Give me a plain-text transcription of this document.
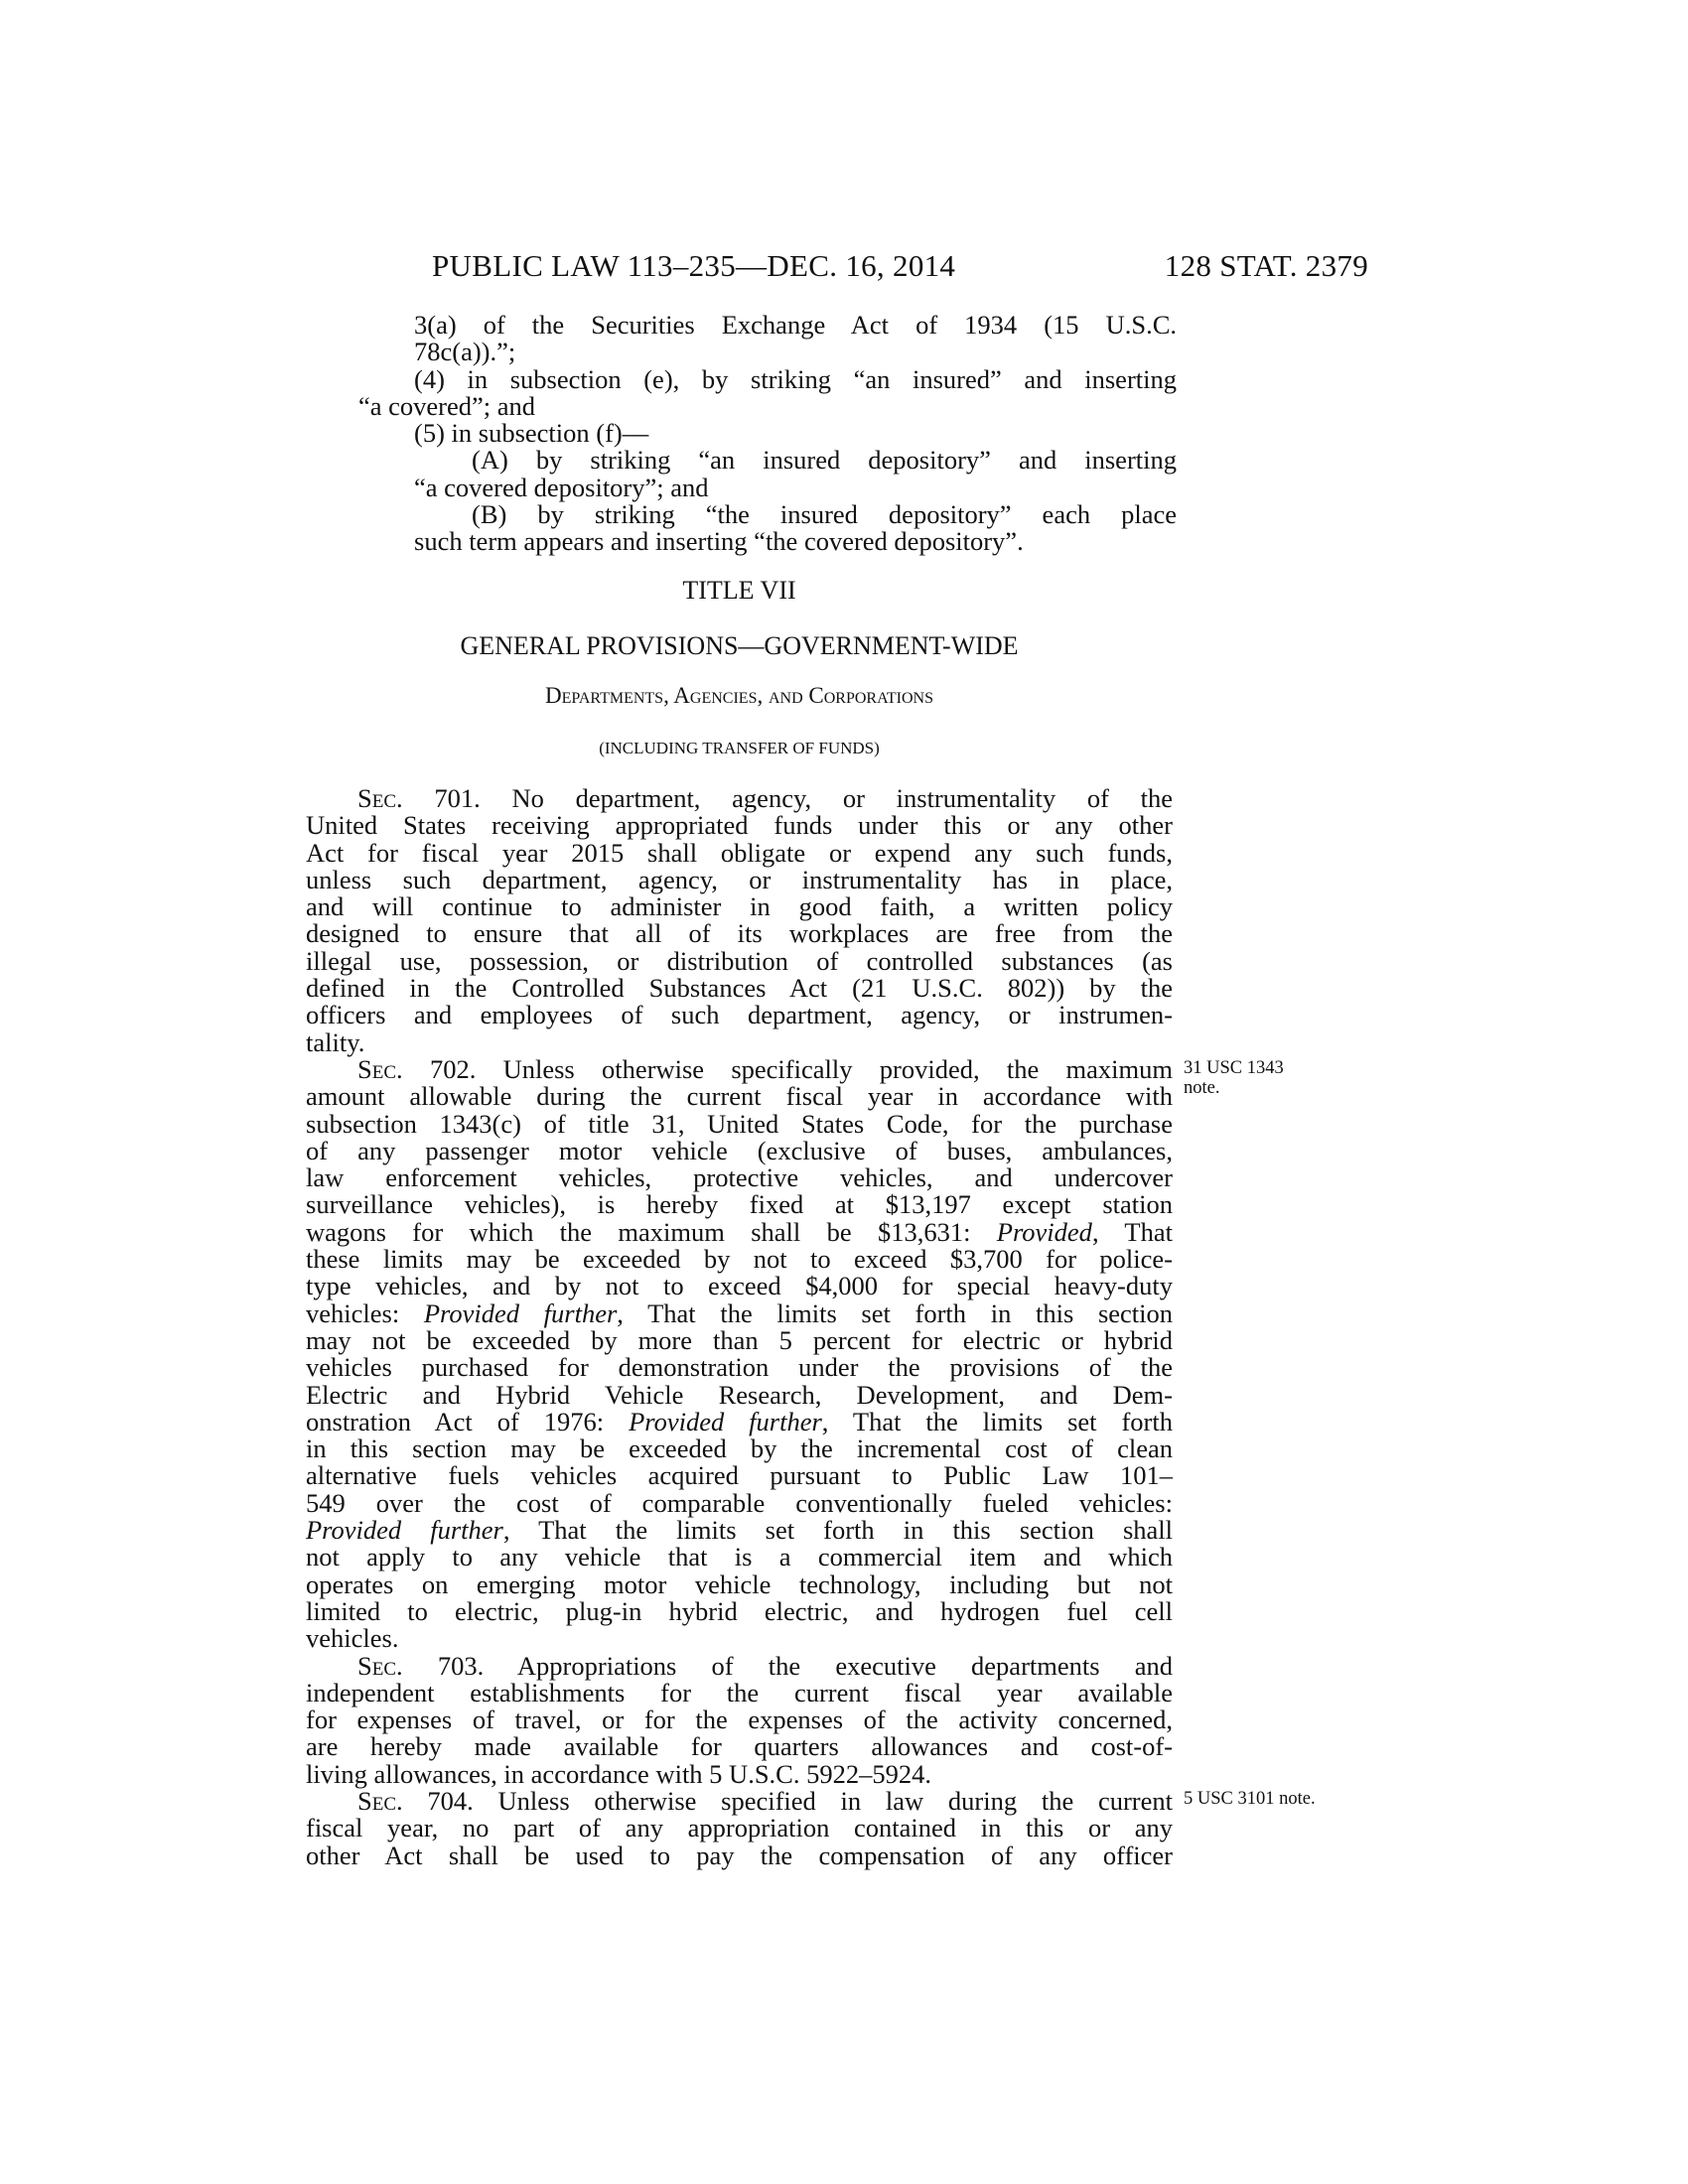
PUBLIC LAW 113–235—DEC. 16, 2014	128 STAT. 2379
3(a) of the Securities Exchange Act of 1934 (15 U.S.C.
78c(a)).”;
(4) in subsection (e), by striking “an insured” and inserting
“a covered”; and
(5) in subsection (f)—
(A) by striking “an insured depository” and inserting
“a covered depository”; and
(B) by striking “the insured depository” each place
such term appears and inserting “the covered depository”.
TITLE VII
GENERAL PROVISIONS—GOVERNMENT-WIDE
Departments, Agencies, and Corporations
(INCLUDING TRANSFER OF FUNDS)
Sec. 701. No department, agency, or instrumentality of the
United States receiving appropriated funds under this or any other
Act for fiscal year 2015 shall obligate or expend any such funds,
unless such department, agency, or instrumentality has in place,
and will continue to administer in good faith, a written policy
designed to ensure that all of its workplaces are free from the
illegal use, possession, or distribution of controlled substances (as
defined in the Controlled Substances Act (21 U.S.C. 802)) by the
officers and employees of such department, agency, or instrumen-
tality.
Sec. 702. Unless otherwise specifically provided, the maximum
amount allowable during the current fiscal year in accordance with
subsection 1343(c) of title 31, United States Code, for the purchase
of any passenger motor vehicle (exclusive of buses, ambulances,
law enforcement vehicles, protective vehicles, and undercover
surveillance vehicles), is hereby fixed at $13,197 except station
wagons for which the maximum shall be $13,631: Provided, That
these limits may be exceeded by not to exceed $3,700 for police-
type vehicles, and by not to exceed $4,000 for special heavy-duty
vehicles: Provided further, That the limits set forth in this section
may not be exceeded by more than 5 percent for electric or hybrid
vehicles purchased for demonstration under the provisions of the
Electric and Hybrid Vehicle Research, Development, and Dem-
onstration Act of 1976: Provided further, That the limits set forth
in this section may be exceeded by the incremental cost of clean
alternative fuels vehicles acquired pursuant to Public Law 101–
549 over the cost of comparable conventionally fueled vehicles:
Provided further, That the limits set forth in this section shall
not apply to any vehicle that is a commercial item and which
operates on emerging motor vehicle technology, including but not
limited to electric, plug-in hybrid electric, and hydrogen fuel cell
vehicles.
Sec. 703. Appropriations of the executive departments and
independent establishments for the current fiscal year available
for expenses of travel, or for the expenses of the activity concerned,
are hereby made available for quarters allowances and cost-of-
living allowances, in accordance with 5 U.S.C. 5922–5924.
Sec. 704. Unless otherwise specified in law during the current
fiscal year, no part of any appropriation contained in this or any
other Act shall be used to pay the compensation of any officer
31 USC 1343 note.
5 USC 3101 note.
